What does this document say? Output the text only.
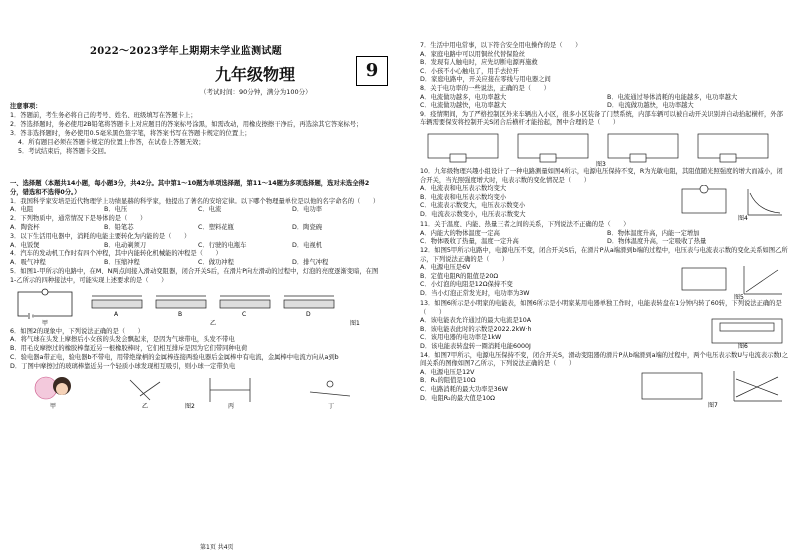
2022～2023学年上期期末学业监测试题
九年级物理	9
（考试时间：90分钟，满分为100分）

注意事项：

1．答题前，考生务必将自己的考号、姓名、班级填写在答题卡上；

2．答选择题时，务必使用2B铅笔将答题卡上对应题目的答案标号涂黑，如需改动，用橡皮擦擦干净后，再选涂其它答案标号；

3．答非选择题时，务必使用0.5毫米黑色签字笔，将答案书写在答题卡规定的位置上；

4．所有题目必须在答题卡规定的位置上作答，在试卷上答题无效；

5．考试结束后，将答题卡交回。

一、选择题（本题共14小题，每小题3分，共42分。其中第1～10题为单项选择题，第11～14题为多项选择题，选对未选全得2分，错选和不选得0分。）

1．我国科学家安培是近代物理学上功绩显赫的科学家，他提出了著名的安培定律。以下哪个物理量单位是以他的名字命名的（　　）

A．电阻	B．电压	C．电流	D．电功率

2．下列物质中，通常情况下是导体的是（　　）

A．陶瓷杯	B．铅笔芯	C．塑料花瓶	D．陶瓷碗

3．以下生活用电器中，消耗的电能主要转化为内能的是（　　）

A．电饭煲	B．电动剃须刀	C．行驶的电瓶车	D．电视机

4．汽车的发动机工作时有四个冲程，其中内能转化机械能的冲程是（　　）

A．吸气冲程	B．压缩冲程	C．做功冲程	D．排气冲程

5．如图1-甲所示的电路中，在M、N两点间接入滑动变阻器，闭合开关S后，在滑片P向左滑动的过程中，灯泡的亮度逐渐变暗，在图1-乙所示的四种接法中，可能实现上述要求的是（　　）

甲
A	B	C	D
乙	图1

6．如图2的现象中，下列说法正确的是（　　）

A．将气球在头发上摩擦后小女孩的头发会飘起来，是因为气球带电，头发不带电

B．用毛皮摩擦过的橡胶棒靠近另一根橡胶棒时，它们相互排斥是因为它们带同种电荷

C．验电器a带正电，验电器b不带电，用带绝缘柄的金属棒连接两验电器后金属棒中有电流，金属棒中电流方向从a到b

D．丁图中摩擦过的玻璃棒靠近另一个轻质小球发现相互吸引，则小球一定带负电

甲	乙	丙	丁
图2

7．生活中用电常事，以下符合安全用电操作的是（　　）

A．家庭电路中可以用铜丝代替保险丝

B．发现有人触电时，应先切断电源再施救

C．小孩不小心触电了，用手去拉开

D．家庭电路中，开关应接在零线与用电器之间

8．关于电功率的一些说法，正确的是（　　）

A．电流做功越多，电功率越大	B．电流通过导体消耗的电能越多，电功率越大
C．电流做功越快，电功率越大	D．电流做功越快，电功率越大

9．疫情期间，为了严格控制区外来车辆出入小区，很多小区装备了门禁系统，内部车辆可以被自动开关识别并自动抬起横杆，外部车辆需要保安将控制开关S闭合后横杆才能抬起，图中合理的是（　　）

图3

10．九年级物理兴趣小组设计了一种电路测量如图4所示，电源电压保持不变，R为光敏电阻，其阻值随光照强度的增大而减小，闭合开关，当光照强度增大时，电表示数的变化情况是（　　）

A．电流表和电压表示数均变大

B．电流表和电压表示数均变小

C．电流表示数变大，电压表示数变小

D．电流表示数变小，电压表示数变大

图4

11．关于温度、内能、热量三者之间的关系，下列说法不正确的是（　　）

A．内能大的物体温度一定高	B．物体温度升高，内能一定增加
C．物体吸收了热量，温度一定升高	D．物体温度升高，一定吸收了热量

12．如图5甲所示电路中，电源电压不变，闭合开关S后，在滑片P从a端滑到b端的过程中，电压表与电流表示数的变化关系如图乙所示，下列说法正确的是（　　）

A．电源电压是6V

B．定值电阻R的阻值是20Ω

C．小灯泡的电阻是12Ω保持不变

D．当小灯泡正常发光时，电功率为3W

图5

13．如图6所示是小明家的电能表，如图6所示是小明家某用电器单独工作时，电能表转盘在1分钟内转了60转，下列说法正确的是（　　）

A．该电能表允许通过的最大电流是10A

B．该电能表此时的示数是2022.2kW·h

C．该用电器的电功率是1kW

D．该电能表转盘转一圈消耗电能6000J	图6

14．如图7甲所示，电源电压保持不变，闭合开关S，滑动变阻器的滑片P从b端滑到a端的过程中，两个电压表示数U与电流表示数I之间关系的图像如图7乙所示，下列说法正确的是（　　）

A．电源电压是12V

B．R₁的阻值是10Ω

C．电路消耗的最大功率是36W

D．电阻R₂的最大值是10Ω

图7
第1页 共4页
